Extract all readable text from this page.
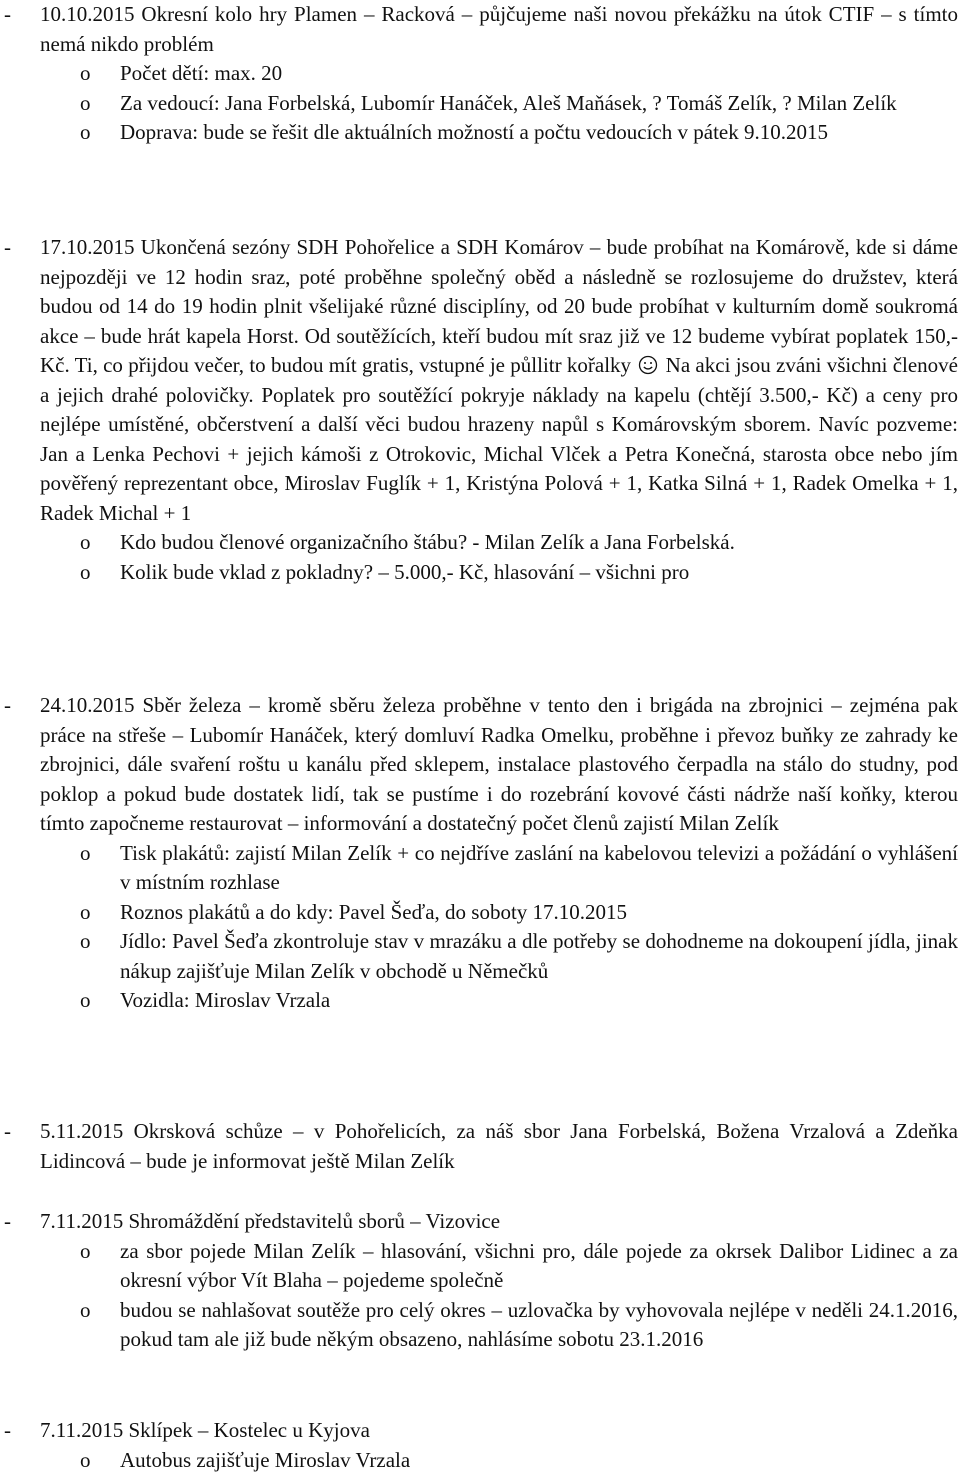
- 10.10.2015 Okresní kolo hry Plamen – Racková – půjčujeme naši novou překážku na útok CTIF – s tímto nemá nikdo problém

o Počet dětí: max. 20

o Za vedoucí: Jana Forbelská, Lubomír Hanáček, Aleš Maňásek, ? Tomáš Zelík, ? Milan Zelík

o Doprava: bude se řešit dle aktuálních možností a počtu vedoucích v pátek 9.10.2015

- 17.10.2015 Ukončená sezóny SDH Pohořelice a SDH Komárov – bude probíhat na Komárově, kde si dáme nejpozději ve 12 hodin sraz, poté proběhne společný oběd a následně se rozlosujeme do družstev, která budou od 14 do 19 hodin plnit všelijaké různé disciplíny, od 20 bude probíhat v kulturním domě soukromá akce – bude hrát kapela Horst. Od soutěžících, kteří budou mít sraz již ve 12 budeme vybírat poplatek 150,- Kč. Ti, co přijdou večer, to budou mít gratis, vstupné je půllitr kořalky Na akci jsou zváni všichni členové a jejich drahé polovičky. Poplatek pro soutěžící pokryje náklady na kapelu (chtějí 3.500,- Kč) a ceny pro nejlépe umístěné, občerstvení a další věci budou hrazeny napůl s Komárovským sborem. Navíc pozveme: Jan a Lenka Pechovi + jejich kámoši z Otrokovic, Michal Vlček a Petra Konečná, starosta obce nebo jím pověřený reprezentant obce, Miroslav Fuglík + 1, Kristýna Polová + 1, Katka Silná + 1, Radek Omelka + 1, Radek Michal + 1

o Kdo budou členové organizačního štábu? - Milan Zelík a Jana Forbelská.

o Kolik bude vklad z pokladny? – 5.000,- Kč, hlasování – všichni pro

- 24.10.2015 Sběr železa – kromě sběru železa proběhne v tento den i brigáda na zbrojnici – zejména pak práce na střeše – Lubomír Hanáček, který domluví Radka Omelku, proběhne i převoz buňky ze zahrady ke zbrojnici, dále svaření roštu u kanálu před sklepem, instalace plastového čerpadla na stálo do studny, pod poklop a pokud bude dostatek lidí, tak se pustíme i do rozebrání kovové části nádrže naší koňky, kterou tímto započneme restaurovat – informování a dostatečný počet členů zajistí Milan Zelík

o Tisk plakátů: zajistí Milan Zelík + co nejdříve zaslání na kabelovou televizi a požádání o vyhlášení v místním rozhlase

o Roznos plakátů a do kdy: Pavel Šeďa, do soboty 17.10.2015

o Jídlo: Pavel Šeďa zkontroluje stav v mrazáku a dle potřeby se dohodneme na dokoupení jídla, jinak nákup zajišťuje Milan Zelík v obchodě u Němečků

o Vozidla: Miroslav Vrzala

- 5.11.2015 Okrsková schůze – v Pohořelicích, za náš sbor Jana Forbelská, Božena Vrzalová a Zdeňka Lidincová – bude je informovat ještě Milan Zelík

- 7.11.2015 Shromáždění představitelů sborů – Vizovice

o za sbor pojede Milan Zelík – hlasování, všichni pro, dále pojede za okrsek Dalibor Lidinec a za okresní výbor Vít Blaha – pojedeme společně

o budou se nahlašovat soutěže pro celý okres – uzlovačka by vyhovovala nejlépe v neděli 24.1.2016, pokud tam ale již bude někým obsazeno, nahlásíme sobotu 23.1.2016

- 7.11.2015 Sklípek – Kostelec u Kyjova

o Autobus zajišťuje Miroslav Vrzala
